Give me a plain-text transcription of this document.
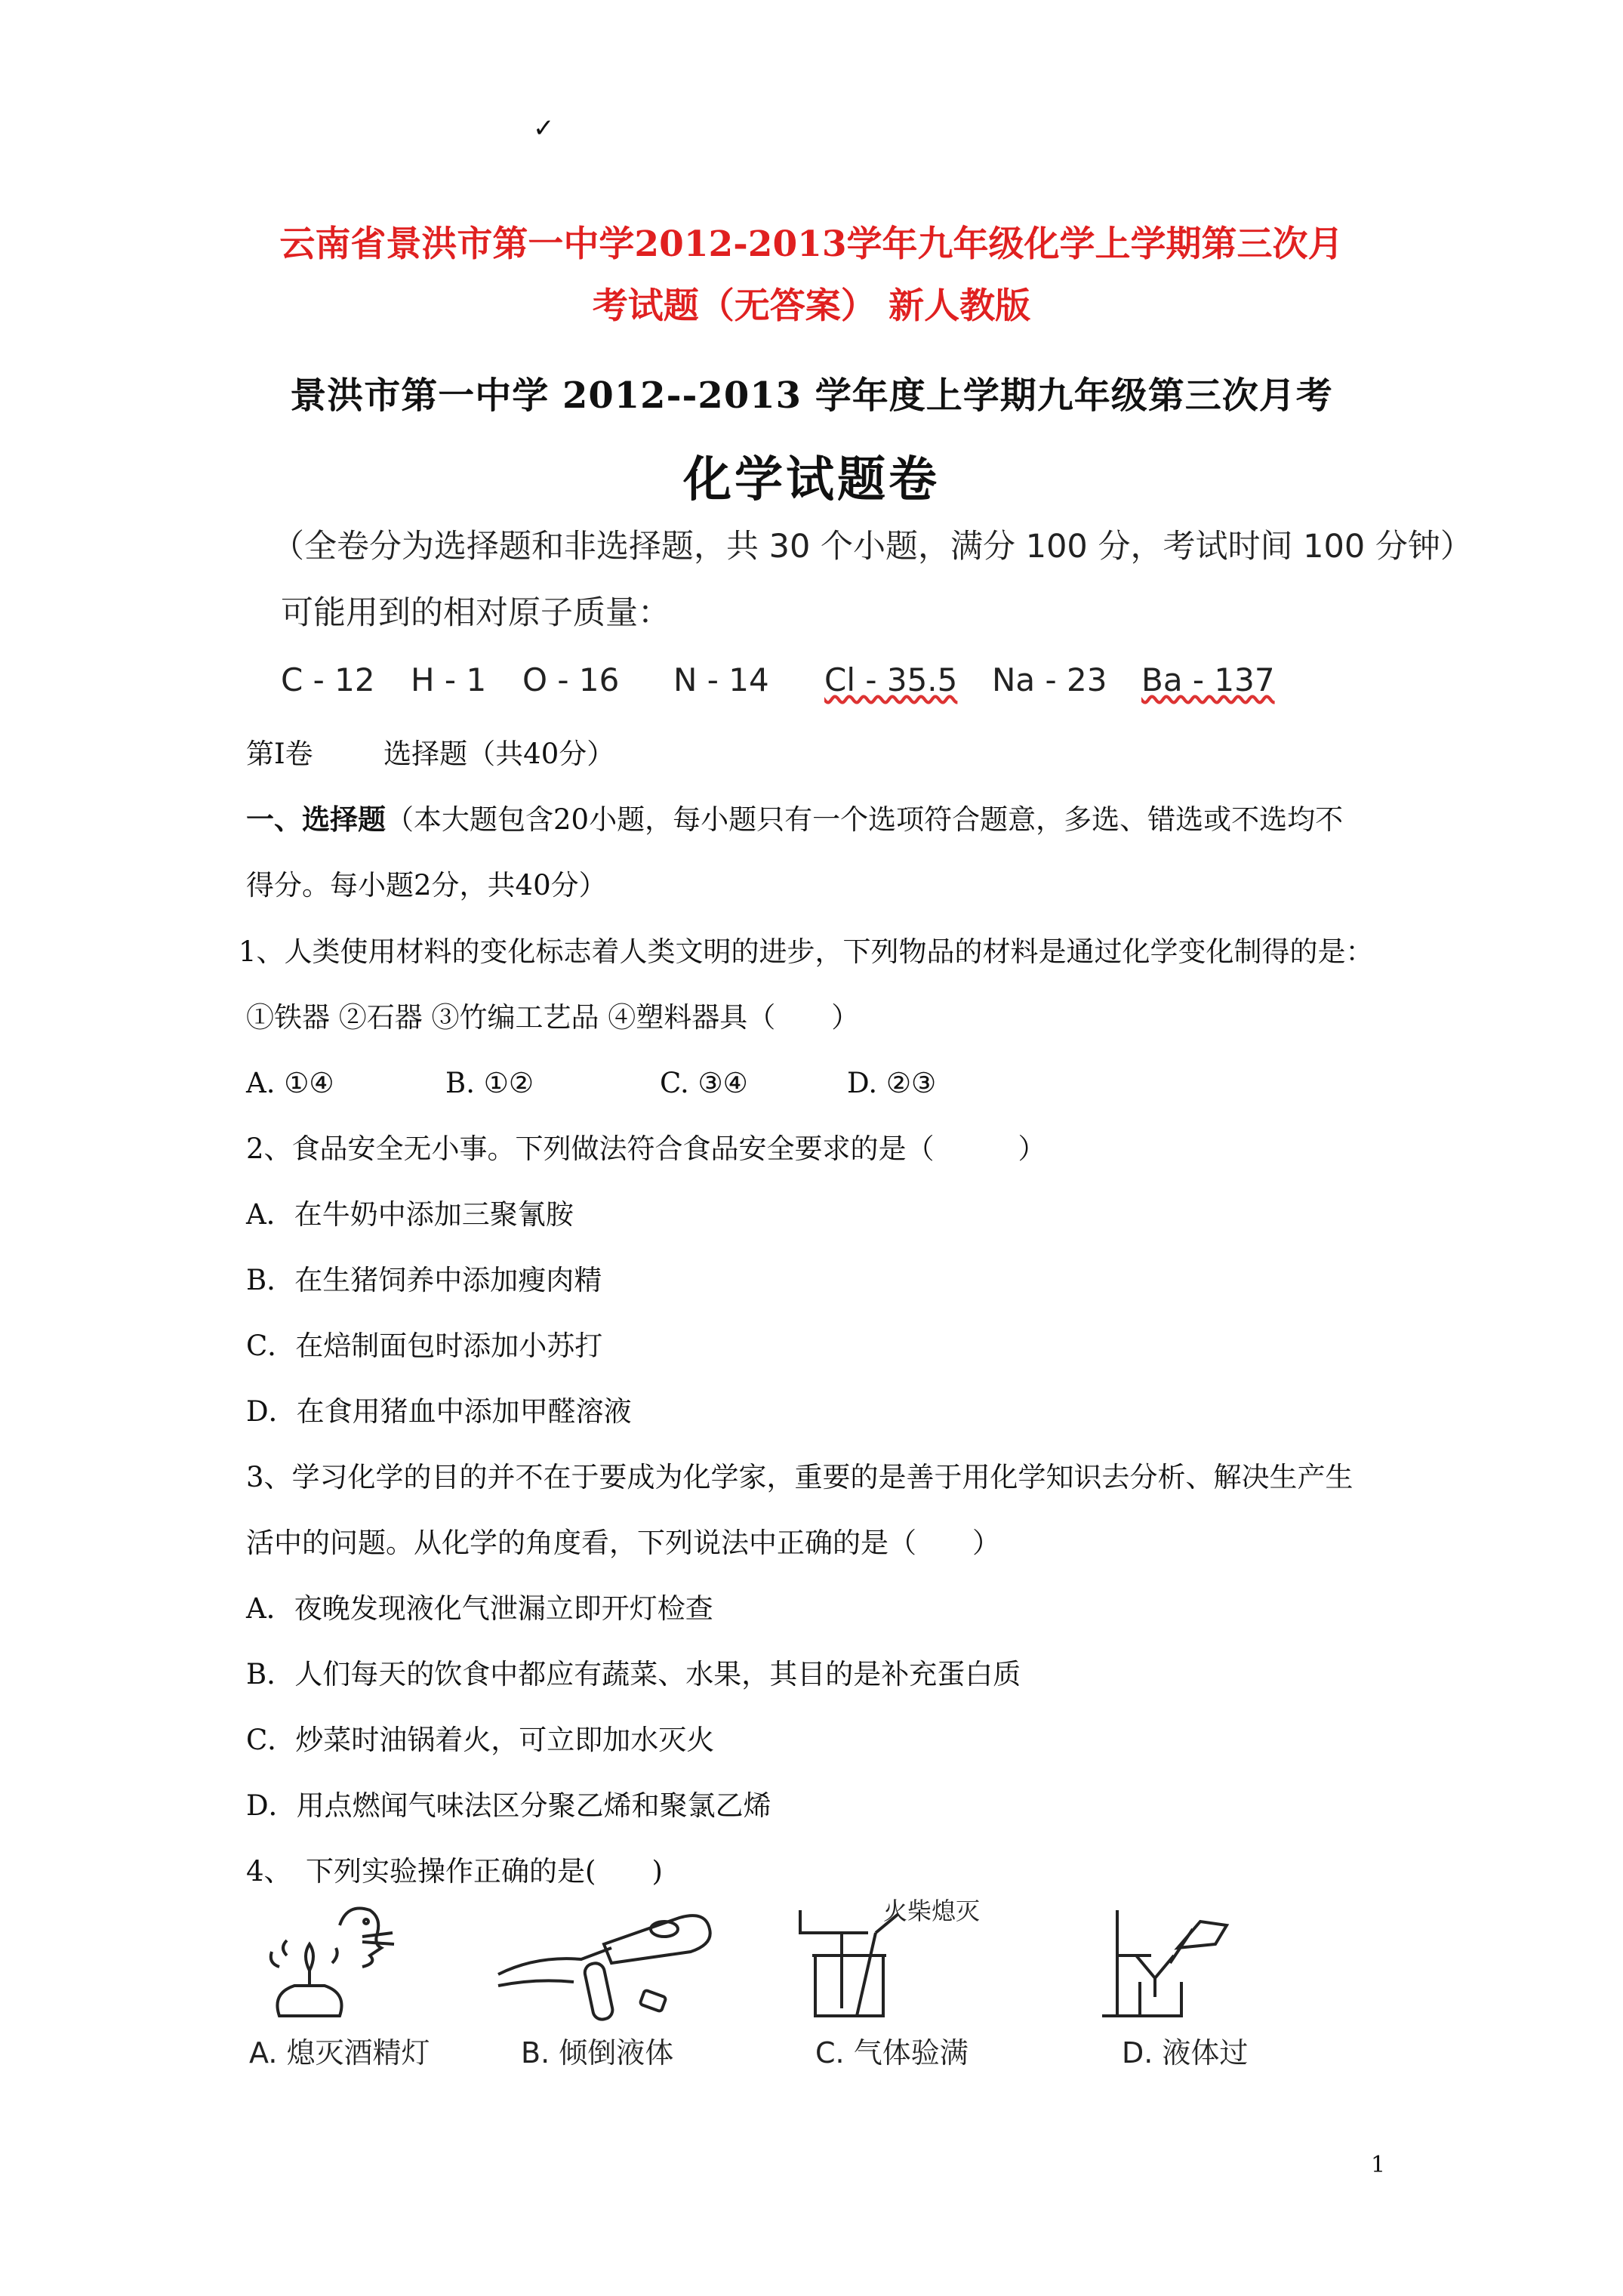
✓
云南省景洪市第一中学2012-2013学年九年级化学上学期第三次月
考试题（无答案） 新人教版
景洪市第一中学 2012--2013 学年度上学期九年级第三次月考
化学试题卷
（全卷分为选择题和非选择题，共 30 个小题，满分 100 分，考试时间 100 分钟）
可能用到的相对原子质量：
C - 12	H - 1	O - 16	N - 14	Cl - 35.5	Na - 23	Ba - 137
第Ⅰ卷	选择题（共40分）
一、选择题（本大题包含20小题，每小题只有一个选项符合题意，多选、错选或不选均不
得分。每小题2分，共40分）
1、人类使用材料的变化标志着人类文明的进步，下列物品的材料是通过化学变化制得的是：
①铁器 ②石器 ③竹编工艺品 ④塑料器具（　　）
A. ①④	B. ①②	C. ③④	D. ②③
2、食品安全无小事。下列做法符合食品安全要求的是（　　　）
A．在牛奶中添加三聚氰胺
B．在生猪饲养中添加瘦肉精
C．在焙制面包时添加小苏打
D．在食用猪血中添加甲醛溶液
3、学习化学的目的并不在于要成为化学家，重要的是善于用化学知识去分析、解决生产生
活中的问题。从化学的角度看，下列说法中正确的是（　　）
A．夜晚发现液化气泄漏立即开灯检查
B．人们每天的饮食中都应有蔬菜、水果，其目的是补充蛋白质
C．炒菜时油锅着火，可立即加水灭火
D．用点燃闻气味法区分聚乙烯和聚氯乙烯
4、　下列实验操作正确的是(　　)
火柴熄灭
A. 熄灭酒精灯	B. 倾倒液体	C. 气体验满	D. 液体过
1
